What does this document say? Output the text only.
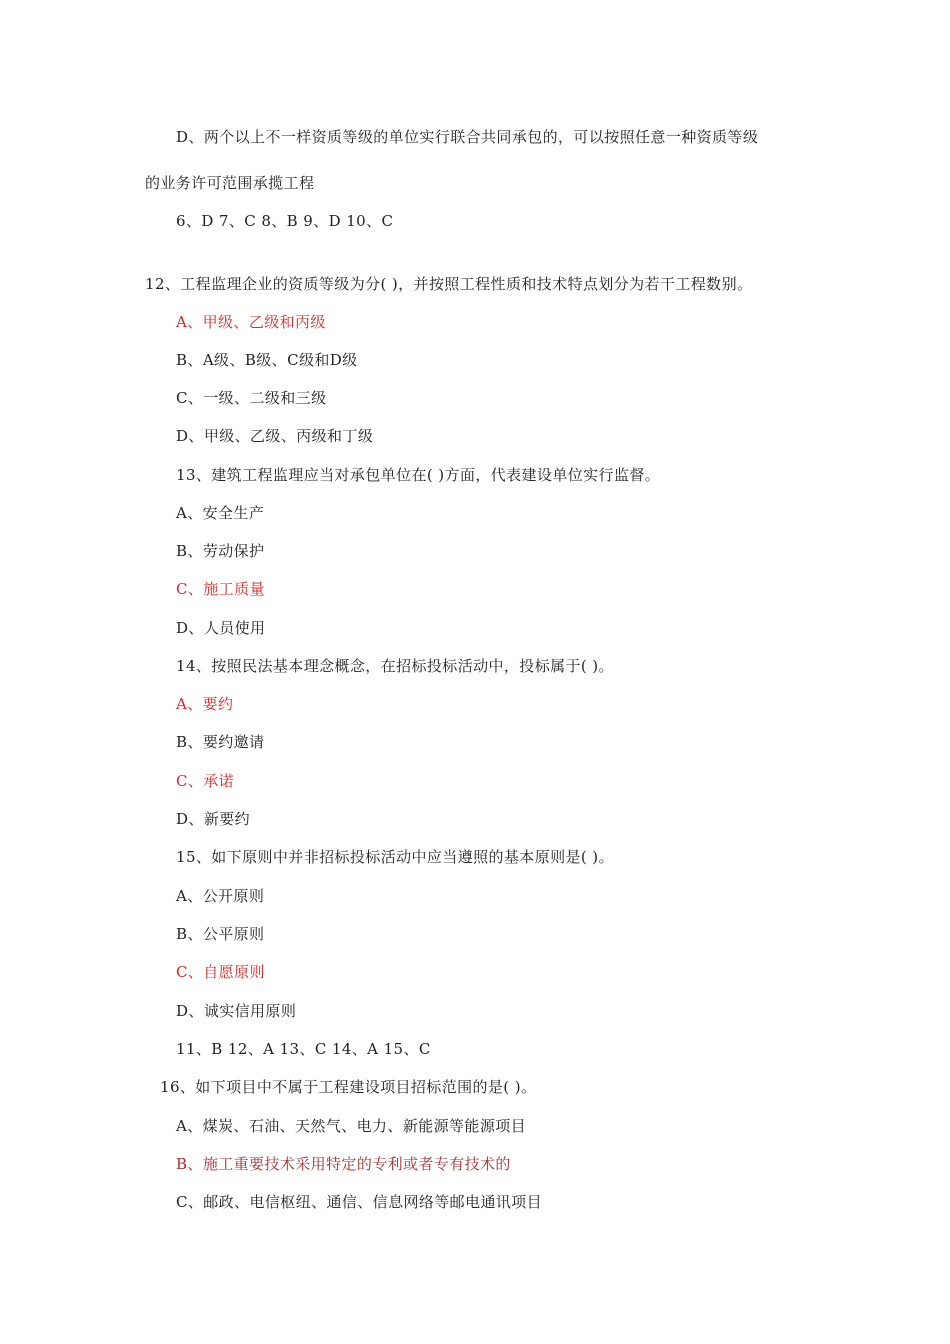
D、两个以上不一样资质等级的单位实行联合共同承包的，可以按照任意一种资质等级
的业务许可范围承揽工程
6、D 7、C 8、B 9、D 10、C
12、工程监理企业的资质等级为分( )，并按照工程性质和技术特点划分为若干工程数别。
A、甲级、乙级和丙级
B、A级、B级、C级和D级
C、一级、二级和三级
D、甲级、乙级、丙级和丁级
13、建筑工程监理应当对承包单位在( )方面，代表建设单位实行监督。
A、安全生产
B、劳动保护
C、施工质量
D、人员使用
14、按照民法基本理念概念，在招标投标活动中，投标属于( )。
A、要约
B、要约邀请
C、承诺
D、新要约
15、如下原则中并非招标投标活动中应当遵照的基本原则是( )。
A、公开原则
B、公平原则
C、自愿原则
D、诚实信用原则
11、B 12、A 13、C 14、A 15、C
16、如下项目中不属于工程建设项目招标范围的是( )。
A、煤炭、石油、天然气、电力、新能源等能源项目
B、施工重要技术采用特定的专利或者专有技术的
C、邮政、电信枢纽、通信、信息网络等邮电通讯项目
